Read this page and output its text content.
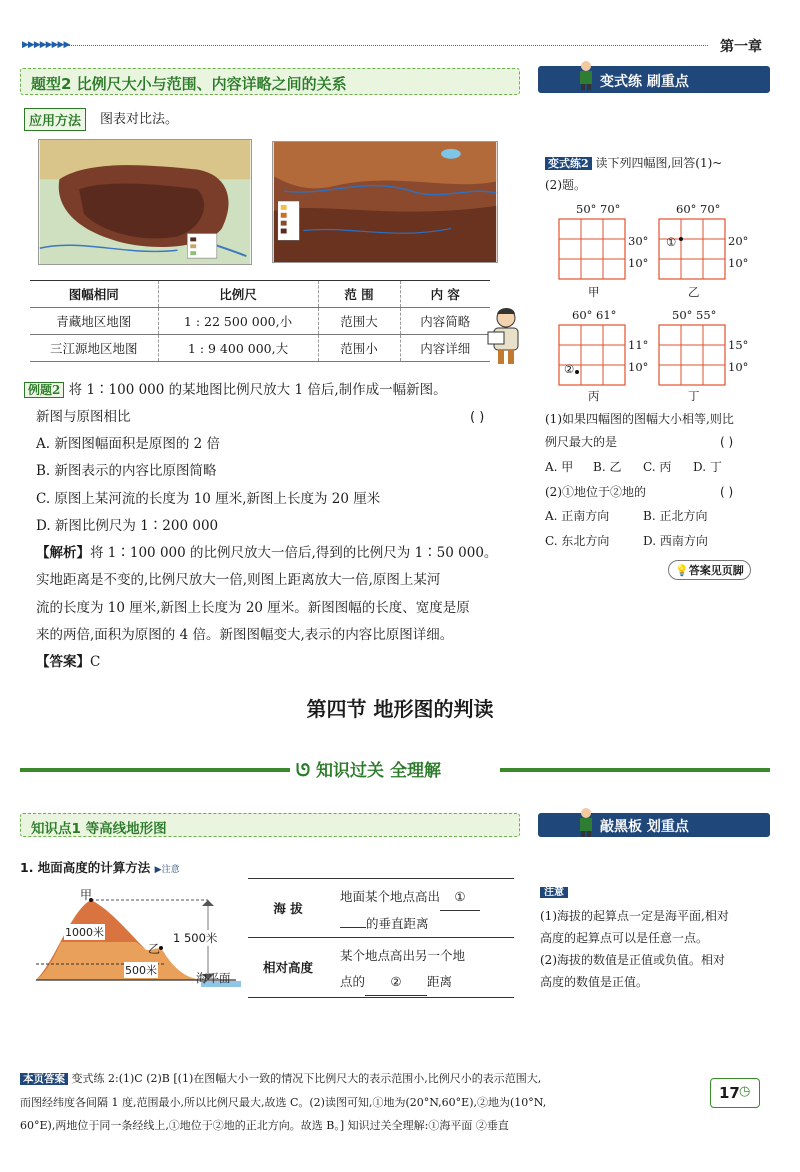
▶▶▶▶▶▶▶▶	第一章
题型2 比例尺大小与范围、内容详略之间的关系	变式练 刷重点
应用方法	图表对比法。
图幅相同	比例尺	范 围	内 容
青藏地区地图	1 : 22 500 000,小	范围大	内容简略
三江源地区地图	1 : 9 400 000,大	范围小	内容详细
例题2 将 1∶100 000 的某地图比例尺放大 1 倍后,制作成一幅新图。
新图与原图相比	( )
A. 新图图幅面积是原图的 2 倍
B. 新图表示的内容比原图简略
C. 原图上某河流的长度为 10 厘米,新图上长度为 20 厘米
D. 新图比例尺为 1∶200 000
【解析】将 1∶100 000 的比例尺放大一倍后,得到的比例尺为 1∶50 000。
实地距离是不变的,比例尺放大一倍,则图上距离放大一倍,原图上某河
流的长度为 10 厘米,新图上长度为 20 厘米。新图图幅的长度、宽度是原
来的两倍,面积为原图的 4 倍。新图图幅变大,表示的内容比原图详细。
【答案】C
变式练2 读下列四幅图,回答(1)~
(2)题。
50° 70°
30°
10°
甲
60° 70°
①	20°
10°
乙
60° 61°
②
11°
10°
丙
50° 55°
15°
10°
丁
(1)如果四幅图的图幅大小相等,则比
例尺最大的是	( )
A. 甲 B. 乙 C. 丙 D. 丁
(2)①地位于②地的	( )
A. 正南方向	B. 正北方向
C. 东北方向	D. 西南方向
💡答案见页脚
第四节 地形图的判读
ᘎ 知识过关 全理解
知识点1 等高线地形图	敲黑板 划重点
1. 地面高度的计算方法 ▶注意
甲
乙
1000米
500米
1 500米
海平面
海 拔
地面某个地点高出 ①
的垂直距离
相对高度
某个地点高出另一个地
点的 ② 距离
注意
(1)海拔的起算点一定是海平面,相对
高度的起算点可以是任意一点。
(2)海拔的数值是正值或负值。相对
高度的数值是正值。
本页答案 变式练 2:(1)C (2)B [(1)在图幅大小一致的情况下比例尺大的表示范围小,比例尺小的表示范围大,
而图经纬度各间隔 1 度,范围最小,所以比例尺最大,故选 C。(2)读图可知,①地为(20°N,60°E),②地为(10°N,
60°E),两地位于同一条经线上,①地位于②地的正北方向。故选 B。] 知识过关全理解:①海平面 ②垂直
17 ◷
